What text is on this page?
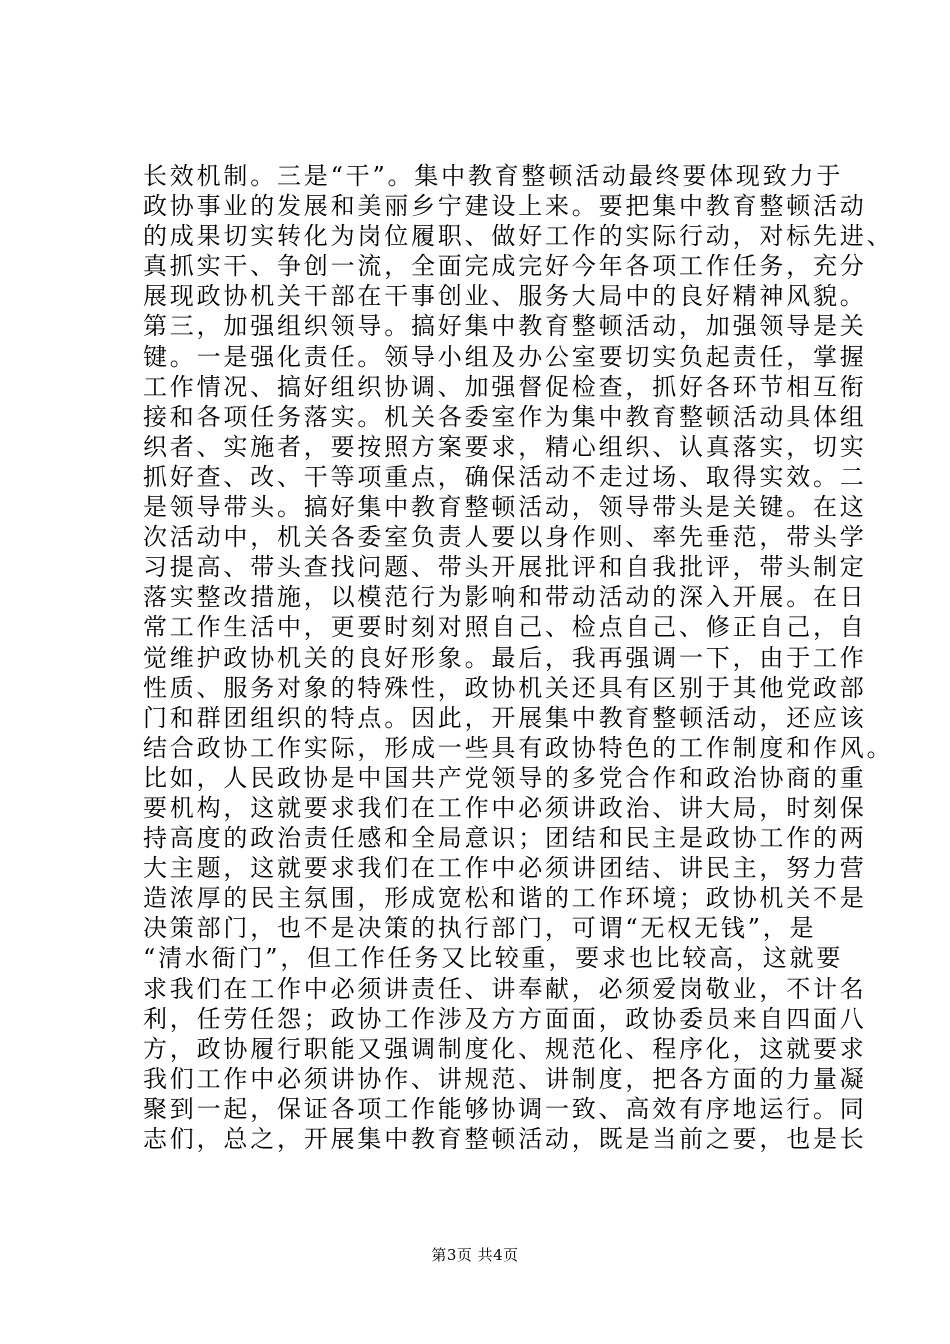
长效机制。三是“干”。集中教育整顿活动最终要体现致力于
政协事业的发展和美丽乡宁建设上来。要把集中教育整顿活动
的成果切实转化为岗位履职、做好工作的实际行动，对标先进、
真抓实干、争创一流，全面完成完好今年各项工作任务，充分
展现政协机关干部在干事创业、服务大局中的良好精神风貌。
第三，加强组织领导。搞好集中教育整顿活动，加强领导是关
键。一是强化责任。领导小组及办公室要切实负起责任，掌握
工作情况、搞好组织协调、加强督促检查，抓好各环节相互衔
接和各项任务落实。机关各委室作为集中教育整顿活动具体组
织者、实施者，要按照方案要求，精心组织、认真落实，切实
抓好查、改、干等项重点，确保活动不走过场、取得实效。二
是领导带头。搞好集中教育整顿活动，领导带头是关键。在这
次活动中，机关各委室负责人要以身作则、率先垂范，带头学
习提高、带头查找问题、带头开展批评和自我批评，带头制定
落实整改措施，以模范行为影响和带动活动的深入开展。在日
常工作生活中，更要时刻对照自己、检点自己、修正自己，自
觉维护政协机关的良好形象。最后，我再强调一下，由于工作
性质、服务对象的特殊性，政协机关还具有区别于其他党政部
门和群团组织的特点。因此，开展集中教育整顿活动，还应该
结合政协工作实际，形成一些具有政协特色的工作制度和作风。
比如，人民政协是中国共产党领导的多党合作和政治协商的重
要机构，这就要求我们在工作中必须讲政治、讲大局，时刻保
持高度的政治责任感和全局意识；团结和民主是政协工作的两
大主题，这就要求我们在工作中必须讲团结、讲民主，努力营
造浓厚的民主氛围，形成宽松和谐的工作环境；政协机关不是
决策部门，也不是决策的执行部门，可谓“无权无钱”，是
“清水衙门”，但工作任务又比较重，要求也比较高，这就要
求我们在工作中必须讲责任、讲奉献，必须爱岗敬业，不计名
利，任劳任怨；政协工作涉及方方面面，政协委员来自四面八
方，政协履行职能又强调制度化、规范化、程序化，这就要求
我们工作中必须讲协作、讲规范、讲制度，把各方面的力量凝
聚到一起，保证各项工作能够协调一致、高效有序地运行。同
志们，总之，开展集中教育整顿活动，既是当前之要，也是长
第3页 共4页
